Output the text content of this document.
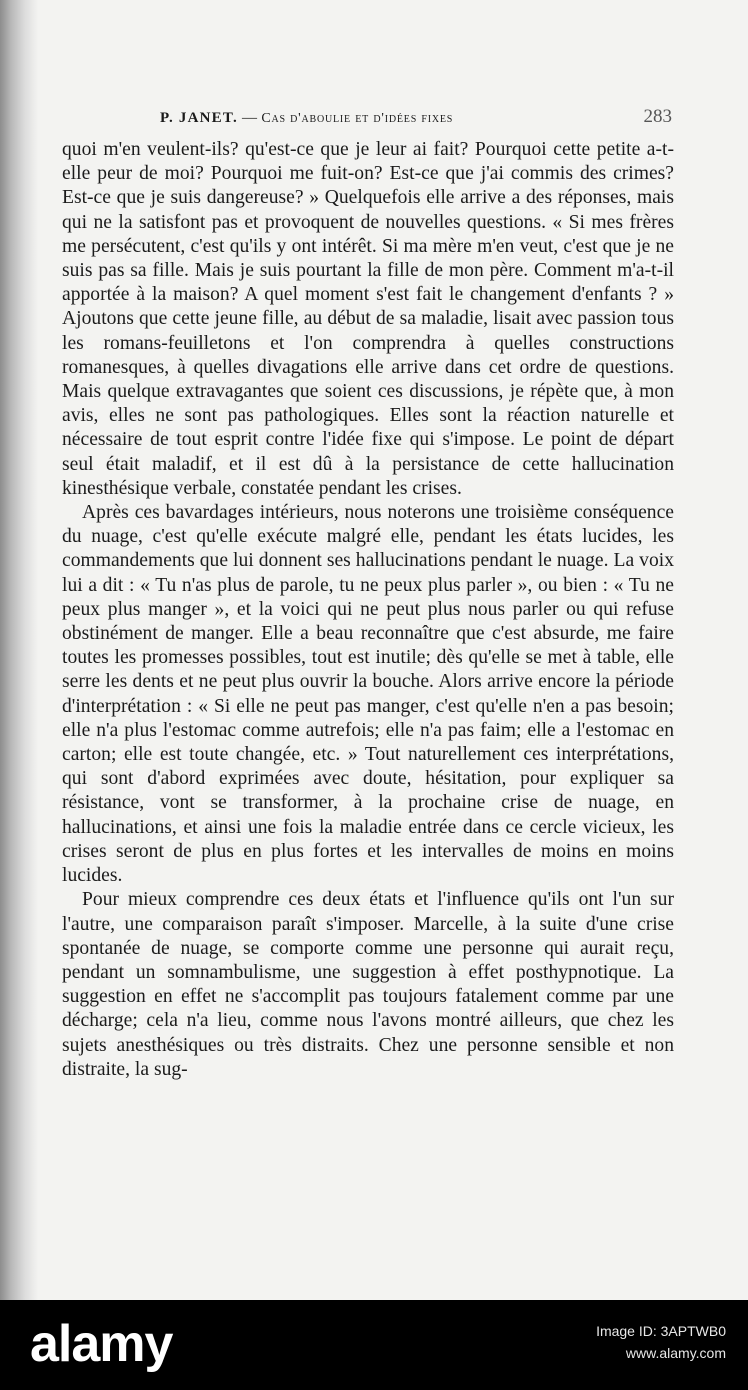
P. JANET. — Cas d'aboulie et d'idées fixes	283

quoi m'en veulent-ils? qu'est-ce que je leur ai fait? Pourquoi cette petite a-t-elle peur de moi? Pourquoi me fuit-on? Est-ce que j'ai commis des crimes? Est-ce que je suis dangereuse? » Quelquefois elle arrive a des réponses, mais qui ne la satisfont pas et provoquent de nouvelles questions. « Si mes frères me persécutent, c'est qu'ils y ont intérêt. Si ma mère m'en veut, c'est que je ne suis pas sa fille. Mais je suis pourtant la fille de mon père. Comment m'a-t-il apportée à la maison? A quel moment s'est fait le changement d'enfants ? » Ajoutons que cette jeune fille, au début de sa maladie, lisait avec passion tous les romans-feuilletons et l'on comprendra à quelles constructions romanesques, à quelles divagations elle arrive dans cet ordre de questions. Mais quelque extravagantes que soient ces discussions, je répète que, à mon avis, elles ne sont pas pathologiques. Elles sont la réaction naturelle et nécessaire de tout esprit contre l'idée fixe qui s'impose. Le point de départ seul était maladif, et il est dû à la persistance de cette hallucination kinesthésique verbale, constatée pendant les crises.

Après ces bavardages intérieurs, nous noterons une troisième conséquence du nuage, c'est qu'elle exécute malgré elle, pendant les états lucides, les commandements que lui donnent ses hallucinations pendant le nuage. La voix lui a dit : « Tu n'as plus de parole, tu ne peux plus parler », ou bien : « Tu ne peux plus manger », et la voici qui ne peut plus nous parler ou qui refuse obstinément de manger. Elle a beau reconnaître que c'est absurde, me faire toutes les promesses possibles, tout est inutile; dès qu'elle se met à table, elle serre les dents et ne peut plus ouvrir la bouche. Alors arrive encore la période d'interprétation : « Si elle ne peut pas manger, c'est qu'elle n'en a pas besoin; elle n'a plus l'estomac comme autrefois; elle n'a pas faim; elle a l'estomac en carton; elle est toute changée, etc. » Tout naturellement ces interprétations, qui sont d'abord exprimées avec doute, hésitation, pour expliquer sa résistance, vont se transformer, à la prochaine crise de nuage, en hallucinations, et ainsi une fois la maladie entrée dans ce cercle vicieux, les crises seront de plus en plus fortes et les intervalles de moins en moins lucides.

Pour mieux comprendre ces deux états et l'influence qu'ils ont l'un sur l'autre, une comparaison paraît s'imposer. Marcelle, à la suite d'une crise spontanée de nuage, se comporte comme une personne qui aurait reçu, pendant un somnambulisme, une suggestion à effet posthypnotique. La suggestion en effet ne s'accomplit pas toujours fatalement comme par une décharge; cela n'a lieu, comme nous l'avons montré ailleurs, que chez les sujets anesthésiques ou très distraits. Chez une personne sensible et non distraite, la sug-

alamy	Image ID: 3APTWB0
www.alamy.com
